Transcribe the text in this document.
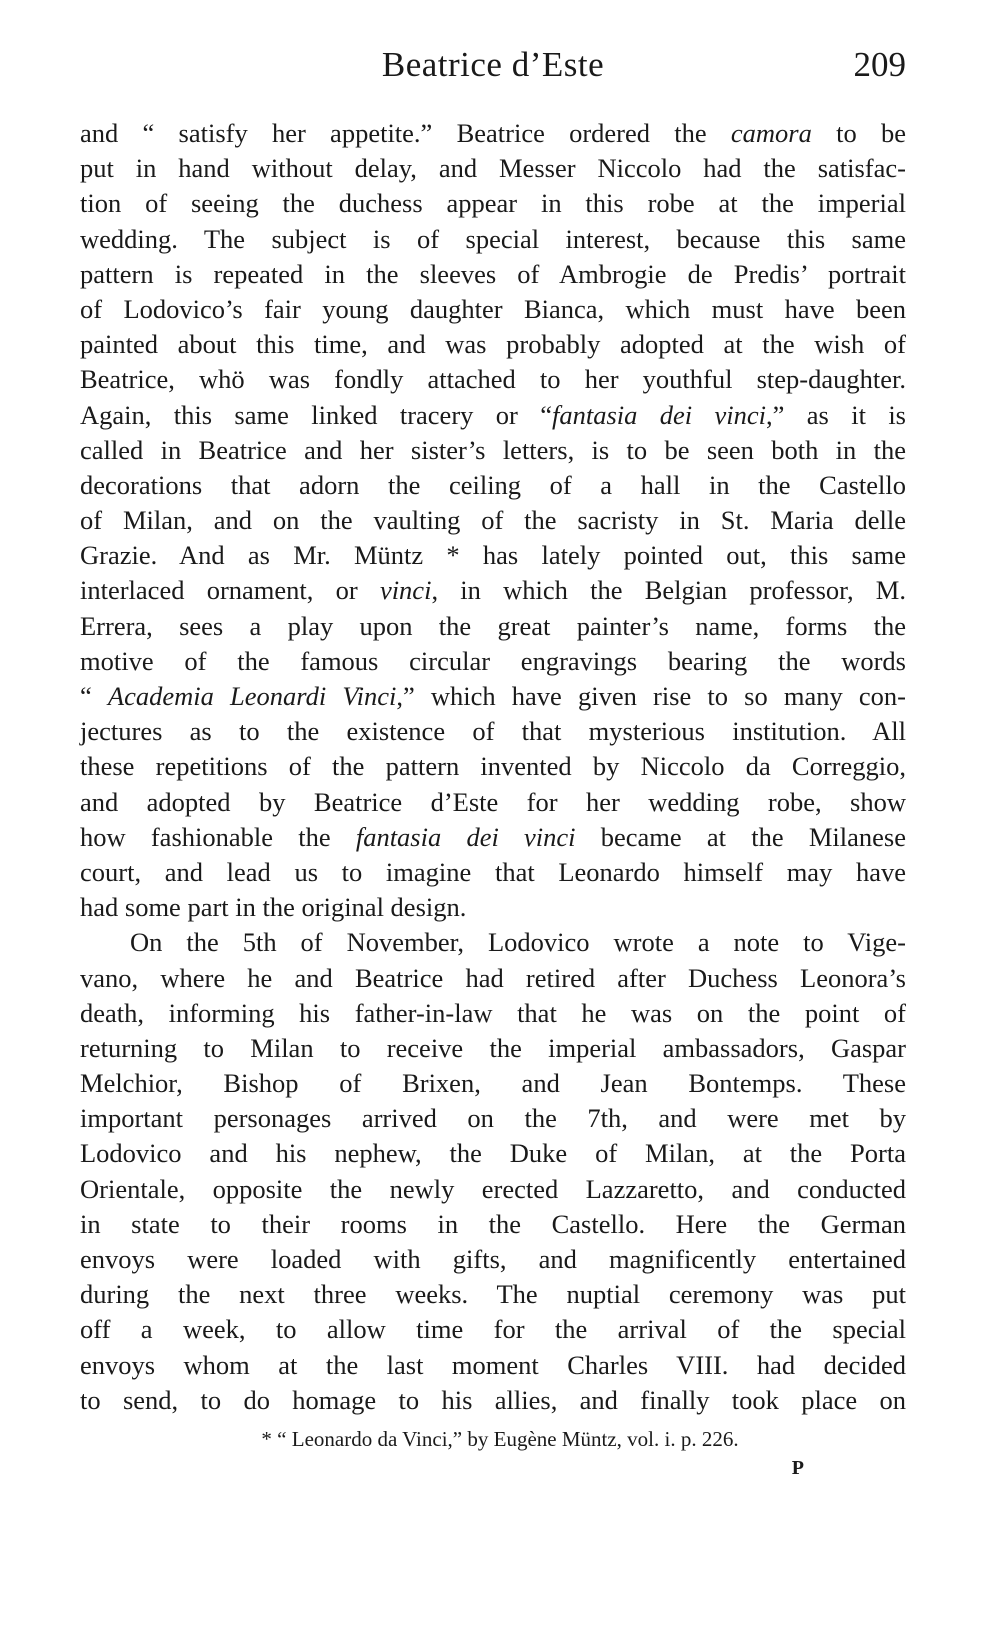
Beatrice d’Este	209
and “ satisfy her appetite.” Beatrice ordered the camora to be
put in hand without delay, and Messer Niccolo had the satisfac-
tion of seeing the duchess appear in this robe at the imperial
wedding. The subject is of special interest, because this same
pattern is repeated in the sleeves of Ambrogie de Predis’ portrait
of Lodovico’s fair young daughter Bianca, which must have been
painted about this time, and was probably adopted at the wish of
Beatrice, whö was fondly attached to her youthful step-daughter.
Again, this same linked tracery or “fantasia dei vinci,” as it is
called in Beatrice and her sister’s letters, is to be seen both in the
decorations that adorn the ceiling of a hall in the Castello
of Milan, and on the vaulting of the sacristy in St. Maria delle
Grazie. And as Mr. Müntz * has lately pointed out, this same
interlaced ornament, or vinci, in which the Belgian professor, M.
Errera, sees a play upon the great painter’s name, forms the
motive of the famous circular engravings bearing the words
“ Academia Leonardi Vinci,” which have given rise to so many con-
jectures as to the existence of that mysterious institution. All
these repetitions of the pattern invented by Niccolo da Correggio,
and adopted by Beatrice d’Este for her wedding robe, show
how fashionable the fantasia dei vinci became at the Milanese
court, and lead us to imagine that Leonardo himself may have
had some part in the original design.
On the 5th of November, Lodovico wrote a note to Vige-
vano, where he and Beatrice had retired after Duchess Leonora’s
death, informing his father-in-law that he was on the point of
returning to Milan to receive the imperial ambassadors, Gaspar
Melchior, Bishop of Brixen, and Jean Bontemps. These
important personages arrived on the 7th, and were met by
Lodovico and his nephew, the Duke of Milan, at the Porta
Orientale, opposite the newly erected Lazzaretto, and conducted
in state to their rooms in the Castello. Here the German
envoys were loaded with gifts, and magnificently entertained
during the next three weeks. The nuptial ceremony was put
off a week, to allow time for the arrival of the special
envoys whom at the last moment Charles VIII. had decided
to send, to do homage to his allies, and finally took place on
* “ Leonardo da Vinci,” by Eugène Müntz, vol. i. p. 226.
P
